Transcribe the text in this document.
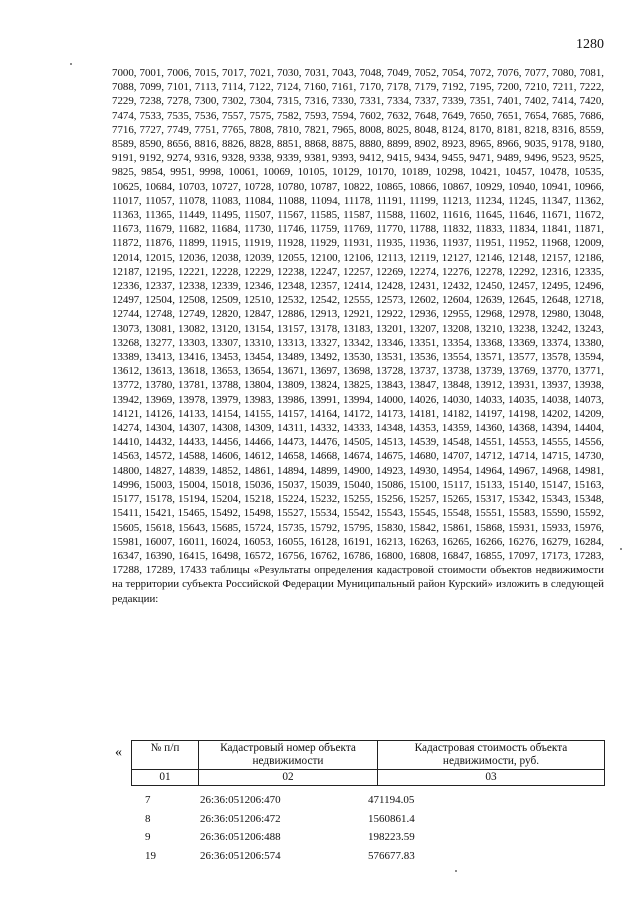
1280

7000, 7001, 7006, 7015, 7017, 7021, 7030, 7031, 7043, 7048, 7049, 7052, 7054, 7072, 7076, 7077, 7080, 7081, 7088, 7099, 7101, 7113, 7114, 7122, 7124, 7160, 7161, 7170, 7178, 7179, 7192, 7195, 7200, 7210, 7211, 7222, 7229, 7238, 7278, 7300, 7302, 7304, 7315, 7316, 7330, 7331, 7334, 7337, 7339, 7351, 7401, 7402, 7414, 7420, 7474, 7533, 7535, 7536, 7557, 7575, 7582, 7593, 7594, 7602, 7632, 7648, 7649, 7650, 7651, 7654, 7685, 7686, 7716, 7727, 7749, 7751, 7765, 7808, 7810, 7821, 7965, 8008, 8025, 8048, 8124, 8170, 8181, 8218, 8316, 8559, 8589, 8590, 8656, 8816, 8826, 8828, 8851, 8868, 8875, 8880, 8899, 8902, 8923, 8965, 8966, 9035, 9178, 9180, 9191, 9192, 9274, 9316, 9328, 9338, 9339, 9381, 9393, 9412, 9415, 9434, 9455, 9471, 9489, 9496, 9523, 9525, 9825, 9854, 9951, 9998, 10061, 10069, 10105, 10129, 10170, 10189, 10298, 10421, 10457, 10478, 10535, 10625, 10684, 10703, 10727, 10728, 10780, 10787, 10822, 10865, 10866, 10867, 10929, 10940, 10941, 10966, 11017, 11057, 11078, 11083, 11084, 11088, 11094, 11178, 11191, 11199, 11213, 11234, 11245, 11347, 11362, 11363, 11365, 11449, 11495, 11507, 11567, 11585, 11587, 11588, 11602, 11616, 11645, 11646, 11671, 11672, 11673, 11679, 11682, 11684, 11730, 11746, 11759, 11769, 11770, 11788, 11832, 11833, 11834, 11841, 11871, 11872, 11876, 11899, 11915, 11919, 11928, 11929, 11931, 11935, 11936, 11937, 11951, 11952, 11968, 12009, 12014, 12015, 12036, 12038, 12039, 12055, 12100, 12106, 12113, 12119, 12127, 12146, 12148, 12157, 12186, 12187, 12195, 12221, 12228, 12229, 12238, 12247, 12257, 12269, 12274, 12276, 12278, 12292, 12316, 12335, 12336, 12337, 12338, 12339, 12346, 12348, 12357, 12414, 12428, 12431, 12432, 12450, 12457, 12495, 12496, 12497, 12504, 12508, 12509, 12510, 12532, 12542, 12555, 12573, 12602, 12604, 12639, 12645, 12648, 12718, 12744, 12748, 12749, 12820, 12847, 12886, 12913, 12921, 12922, 12936, 12955, 12968, 12978, 12980, 13048, 13073, 13081, 13082, 13120, 13154, 13157, 13178, 13183, 13201, 13207, 13208, 13210, 13238, 13242, 13243, 13268, 13277, 13303, 13307, 13310, 13313, 13327, 13342, 13346, 13351, 13354, 13368, 13369, 13374, 13380, 13389, 13413, 13416, 13453, 13454, 13489, 13492, 13530, 13531, 13536, 13554, 13571, 13577, 13578, 13594, 13612, 13613, 13618, 13653, 13654, 13671, 13697, 13698, 13728, 13737, 13738, 13739, 13769, 13770, 13771, 13772, 13780, 13781, 13788, 13804, 13809, 13824, 13825, 13843, 13847, 13848, 13912, 13931, 13937, 13938, 13942, 13969, 13978, 13979, 13983, 13986, 13991, 13994, 14000, 14026, 14030, 14033, 14035, 14038, 14073, 14121, 14126, 14133, 14154, 14155, 14157, 14164, 14172, 14173, 14181, 14182, 14197, 14198, 14202, 14209, 14274, 14304, 14307, 14308, 14309, 14311, 14332, 14333, 14348, 14353, 14359, 14360, 14368, 14394, 14404, 14410, 14432, 14433, 14456, 14466, 14473, 14476, 14505, 14513, 14539, 14548, 14551, 14553, 14555, 14556, 14563, 14572, 14588, 14606, 14612, 14658, 14668, 14674, 14675, 14680, 14707, 14712, 14714, 14715, 14730, 14800, 14827, 14839, 14852, 14861, 14894, 14899, 14900, 14923, 14930, 14954, 14964, 14967, 14968, 14981, 14996, 15003, 15004, 15018, 15036, 15037, 15039, 15040, 15086, 15100, 15117, 15133, 15140, 15147, 15163, 15177, 15178, 15194, 15204, 15218, 15224, 15232, 15255, 15256, 15257, 15265, 15317, 15342, 15343, 15348, 15411, 15421, 15465, 15492, 15498, 15527, 15534, 15542, 15543, 15545, 15548, 15551, 15583, 15590, 15592, 15605, 15618, 15643, 15685, 15724, 15735, 15792, 15795, 15830, 15842, 15861, 15868, 15931, 15933, 15976, 15981, 16007, 16011, 16024, 16053, 16055, 16128, 16191, 16213, 16263, 16265, 16266, 16276, 16279, 16284, 16347, 16390, 16415, 16498, 16572, 16756, 16762, 16786, 16800, 16808, 16847, 16855, 17097, 17173, 17283, 17288, 17289, 17433 таблицы «Результаты определения кадастровой стоимости объектов недвижимости на территории субъекта Российской Федерации Муниципальный район Курский» изложить в следующей редакции:

«	№ п/п	Кадастровый номер объекта недвижимости	Кадастровая стоимость объекта недвижимости, руб.
01	02	03
7	26:36:051206:470	471194.05
8	26:36:051206:472	1560861.4
9	26:36:051206:488	198223.59
19	26:36:051206:574	576677.83
